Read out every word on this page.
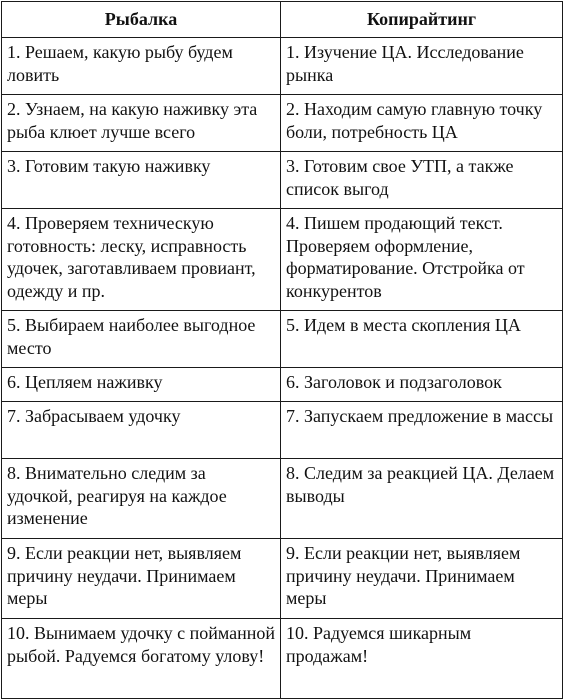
Рыбалка	Копирайтинг
1. Решаем, какую рыбу будем ловить	1. Изучение ЦА. Исследование рынка
2. Узнаем, на какую наживку эта рыба клюет лучше всего	2. Находим самую главную точку боли, потребность ЦА
3. Готовим такую наживку	3. Готовим свое УТП, а также список выгод
4. Проверяем техническую готовность: леску, исправность удочек, заготавливаем провиант, одежду и пр.	4. Пишем продающий текст. Проверяем оформление, форматирование. Отстройка от конкурентов
5. Выбираем наиболее выгодное место	5. Идем в места скопления ЦА
6. Цепляем наживку	6. Заголовок и подзаголовок
7. Забрасываем удочку	7. Запускаем предложение в массы
8. Внимательно следим за удочкой, реагируя на каждое изменение	8. Следим за реакцией ЦА. Делаем выводы
9. Если реакции нет, выявляем причину неудачи. Принимаем меры	9. Если реакции нет, выявляем причину неудачи. Принимаем меры
10. Вынимаем удочку с пойманной рыбой. Радуемся богатому улову!	10. Радуемся шикарным продажам!
